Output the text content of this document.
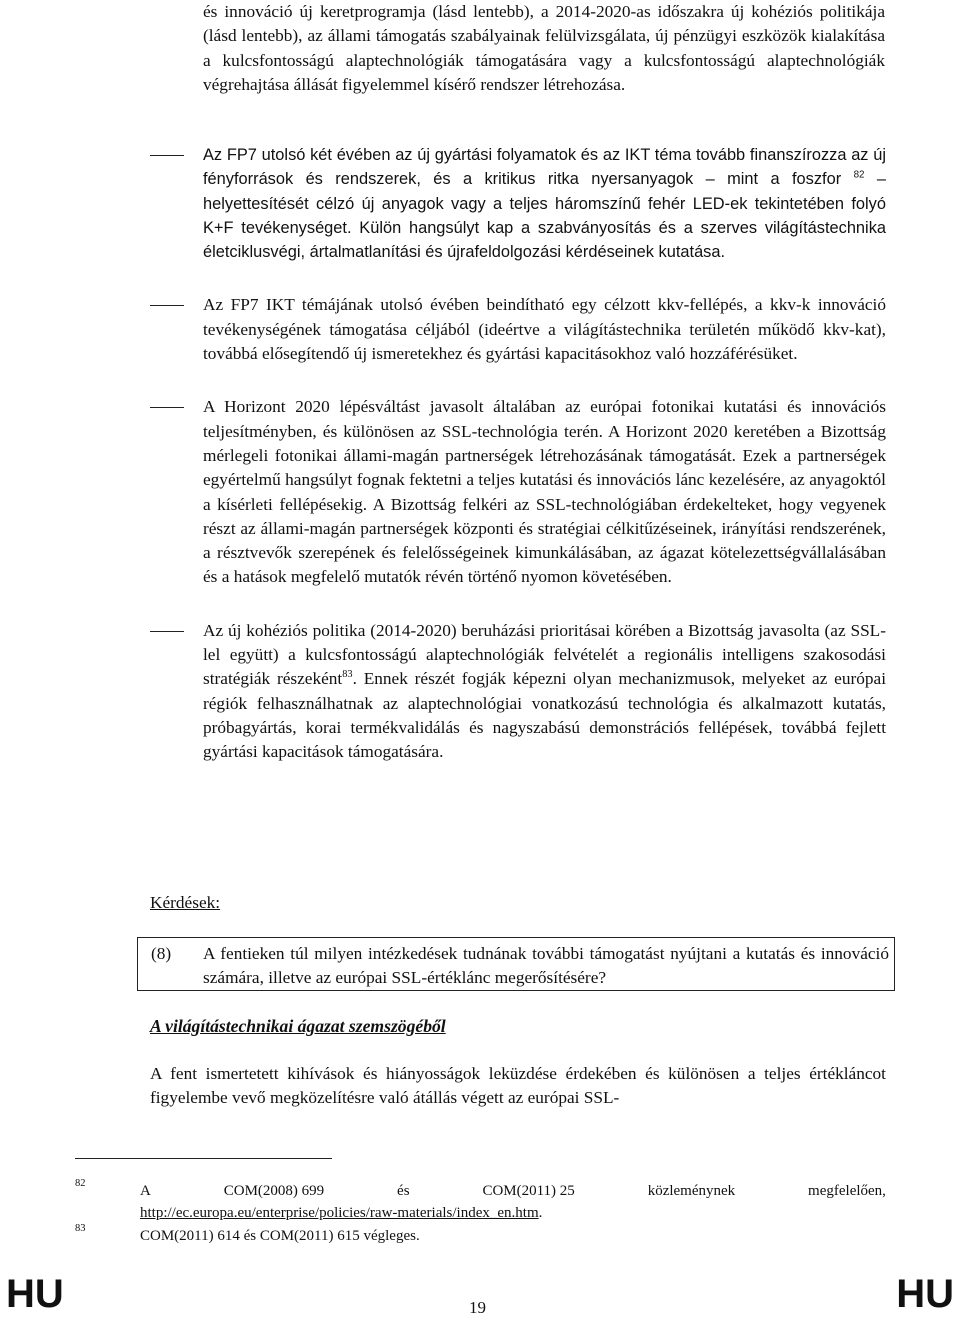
és innováció új keretprogramja (lásd lentebb), a 2014-2020-as időszakra új kohéziós politikája (lásd lentebb), az állami támogatás szabályainak felülvizsgálata, új pénzügyi eszközök kialakítása a kulcsfontosságú alaptechnológiák támogatására vagy a kulcsfontosságú alaptechnológiák végrehajtása állását figyelemmel kísérő rendszer létrehozása.

Az FP7 utolsó két évében az új gyártási folyamatok és az IKT téma tovább finanszírozza az új fényforrások és rendszerek, és a kritikus ritka nyersanyagok – mint a foszfor $^{82}$ – helyettesítését célzó új anyagok vagy a teljes háromszínű fehér LED-ek tekintetében folyó K+F tevékenységet. Külön hangsúlyt kap a szabványosítás és a szerves világítástechnika életciklusvégi, ártalmatlanítási és újrafeldolgozási kérdéseinek kutatása.
Az FP7 IKT témájának utolsó évében beindítható egy célzott kkv-fellépés, a kkv-k innováció tevékenységének támogatása céljából (ideértve a világítástechnika területén működő kkv-kat), továbbá elősegítendő új ismeretekhez és gyártási kapacitásokhoz való hozzáférésüket.
A Horizont 2020 lépésváltást javasolt általában az európai fotonikai kutatási és innovációs teljesítményben, és különösen az SSL-technológia terén. A Horizont 2020 keretében a Bizottság mérlegeli fotonikai állami-magán partnerségek létrehozásának támogatását. Ezek a partnerségek egyértelmű hangsúlyt fognak fektetni a teljes kutatási és innovációs lánc kezelésére, az anyagoktól a kísérleti fellépésekig. A Bizottság felkéri az SSL-technológiában érdekelteket, hogy vegyenek részt az állami-magán partnerségek központi és stratégiai célkitűzéseinek, irányítási rendszerének, a résztvevők szerepének és felelősségeinek kimunkálásában, az ágazat kötelezettségvállalásában és a hatások megfelelő mutatók révén történő nyomon követésében.
Az új kohéziós politika (2014-2020) beruházási prioritásai körében a Bizottság javasolta (az SSL-lel együtt) a kulcsfontosságú alaptechnológiák felvételét a regionális intelligens szakosodási stratégiák részeként$^{83}$. Ennek részét fogják képezni olyan mechanizmusok, melyeket az európai régiók felhasználhatnak az alaptechnológiai vonatkozású technológia és alkalmazott kutatás, próbagyártás, korai termékvalidálás és nagyszabású demonstrációs fellépések, továbbá fejlett gyártási kapacitások támogatására.
Kérdések:
(8) A fentieken túl milyen intézkedések tudnának további támogatást nyújtani a kutatás és innováció számára, illetve az európai SSL-értéklánc megerősítésére?
A világítástechnikai ágazat szemszögéből
A fent ismertetett kihívások és hiányosságok leküzdése érdekében és különösen a teljes értékláncot figyelembe vevő megközelítésre való átállás végett az európai SSL-
82	A	COM(2008) 699	és	COM(2011) 25	közleménynek	megfelelően,
http://ec.europa.eu/enterprise/policies/raw-materials/index_en.htm.
83	COM(2011) 614 és COM(2011) 615 végleges.
HU	19	HU
